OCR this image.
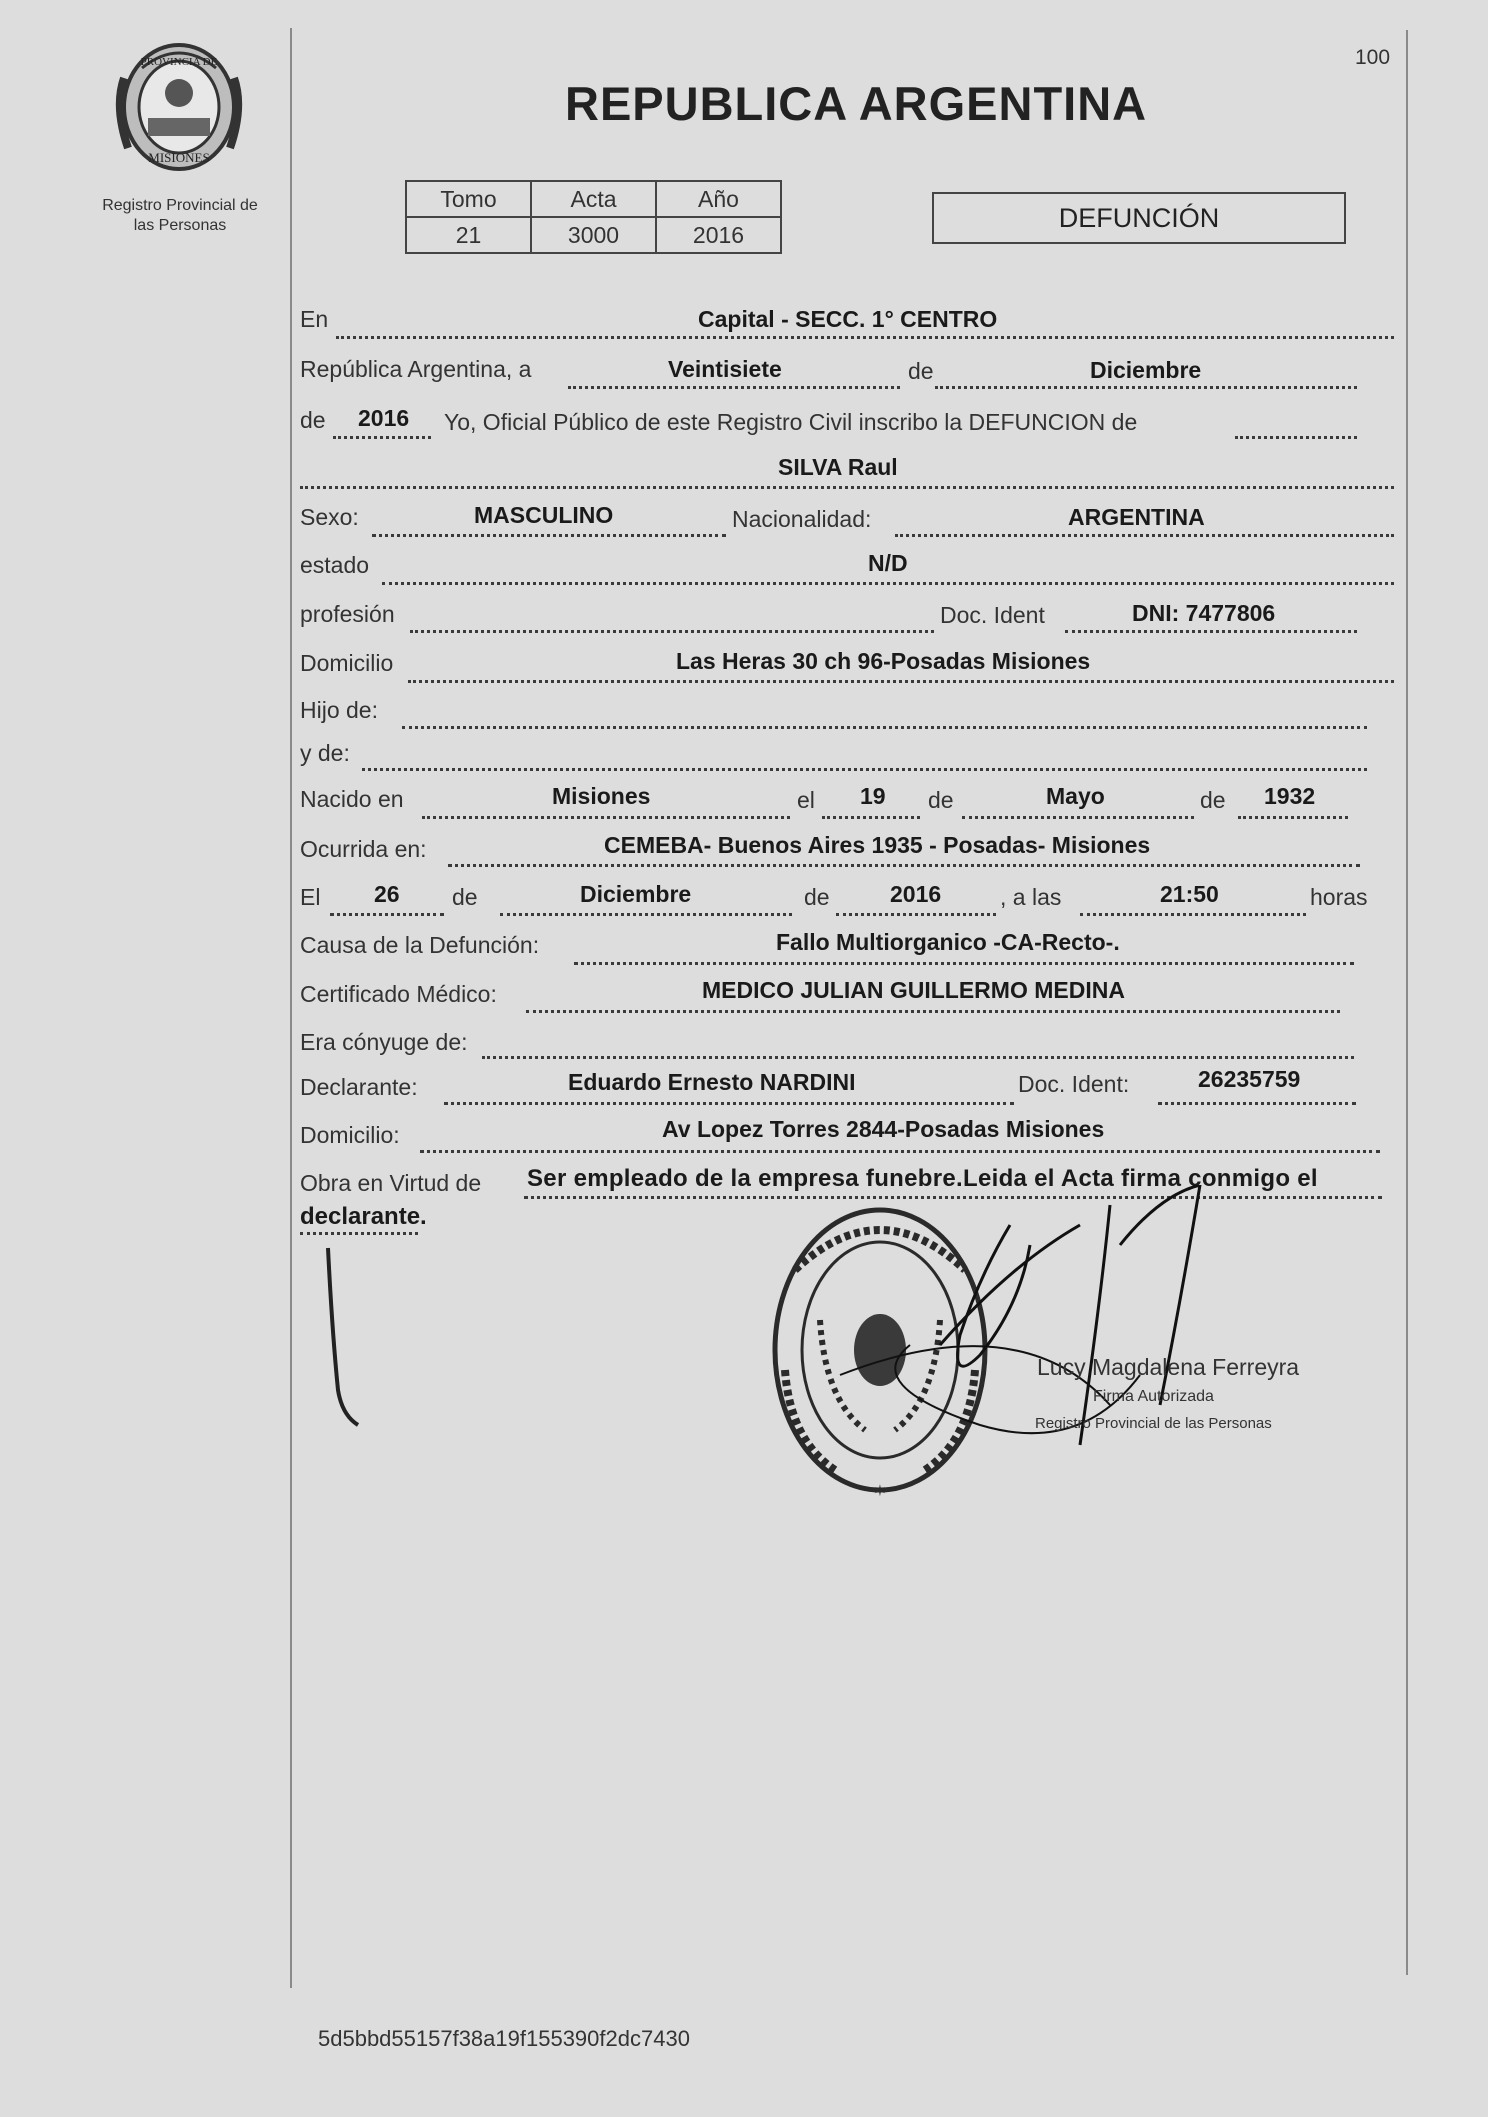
PROVINCIA DE
MISIONES
Registro Provincial de
las Personas
100
REPUBLICA ARGENTINA
Tomo	Acta	Año
21	3000	2016
DEFUNCIÓN
En	Capital - SECC. 1° CENTRO
República Argentina, a	Veintisiete	de	Diciembre
de 2016 Yo, Oficial Público de este Registro Civil inscribo la DEFUNCION de
SILVA Raul
Sexo:	MASCULINO	Nacionalidad:	ARGENTINA
estado	N/D
profesión	Doc. Ident	DNI: 7477806
Domicilio	Las Heras 30 ch 96-Posadas Misiones
Hijo de:
y de:
Nacido en	Misiones	el 19 de	Mayo	de 1932
Ocurrida en:	CEMEBA- Buenos Aires 1935 - Posadas- Misiones
El 26 de	Diciembre	de	2016	, a las	21:50	horas
Causa de la Defunción:	Fallo Multiorganico -CA-Recto-.
Certificado Médico:	MEDICO JULIAN GUILLERMO MEDINA
Era cónyuge de:
Declarante:	Eduardo Ernesto NARDINI	Doc. Ident:	26235759
Domicilio:	Av Lopez Torres 2844-Posadas Misiones
Obra en Virtud de Ser empleado de la empresa funebre.Leida el Acta firma conmigo el
declarante.
✶
Lucy Magdalena Ferreyra
Firma Autorizada
Registro Provincial de las Personas
5d5bbd55157f38a19f155390f2dc7430
